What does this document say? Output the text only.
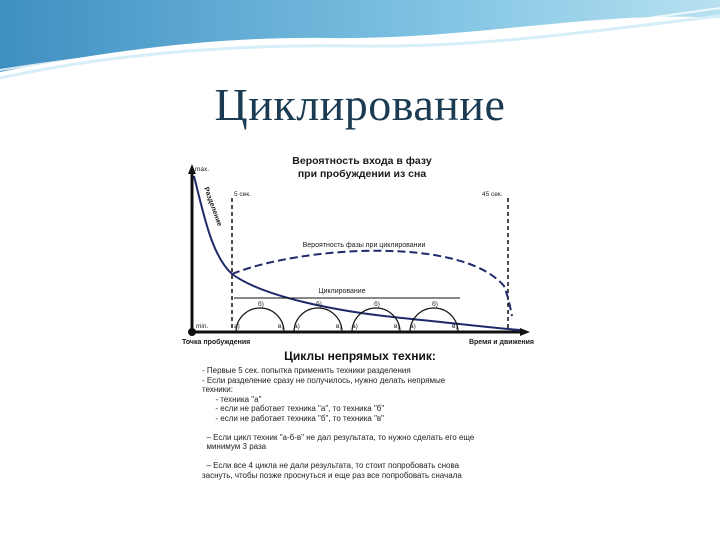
Циклирование
Вероятность входа в фазу
при пробуждении из сна
max.
min.
Разделение 5 сек.	45 сек.
Вероятность фазы при циклировании
Циклирование
б)	б)	б)	б)
а)	в) а)	в) а)	в) а)	в)
Точка пробуждения	Время и движения
Циклы непрямых техник:
- Первые 5 сек. попытка применить техники разделения
- Если разделение сразу не получилось, нужно делать непрямые
техники:
- техника "а"
- если не работает техника "а", то техника "б"
- если не работает техника "б", то техника "в"

– Если цикл техник "а-б-в" не дал результата, то нужно сделать его еще
минимум 3 раза

– Если все 4 цикла не дали результата, то стоит попробовать снова
заснуть, чтобы позже проснуться и еще раз все попробовать сначала
